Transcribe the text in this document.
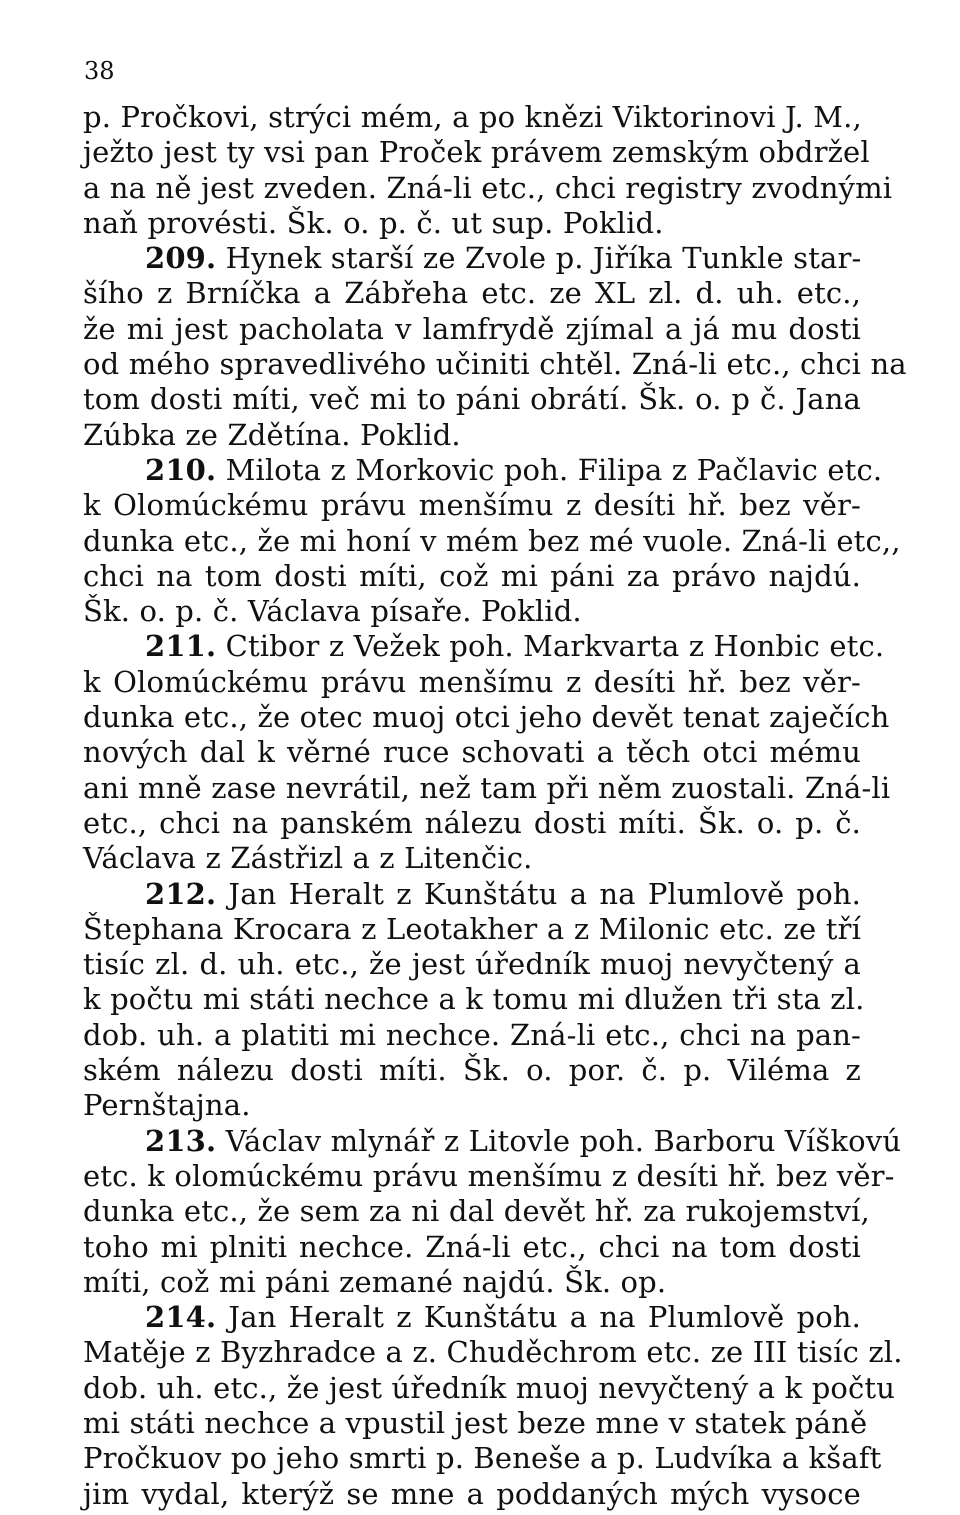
38
p. Pročkovi, strýci mém, a po knězi Viktorinovi J. M.,
ježto jest ty vsi pan Proček právem zemským obdržel
a na ně jest zveden. Zná-li etc., chci registry zvodnými
naň provésti. Šk. o. p. č. ut sup. Poklid.
209. Hynek starší ze Zvole p. Jiříka Tunkle star-
šího z Brníčka a Zábřeha etc. ze XL zl. d. uh. etc.,
že mi jest pacholata v lamfrydě zjímal a já mu dosti
od mého spravedlivého učiniti chtěl. Zná-li etc., chci na
tom dosti míti, več mi to páni obrátí. Šk. o. p č. Jana
Zúbka ze Zdětína. Poklid.
210. Milota z Morkovic poh. Filipa z Pačlavic etc.
k Olomúckému právu menšímu z desíti hř. bez věr-
dunka etc., že mi honí v mém bez mé vuole. Zná-li etc,,
chci na tom dosti míti, což mi páni za právo najdú.
Šk. o. p. č. Václava písaře. Poklid.
211. Ctibor z Vežek poh. Markvarta z Honbic etc.
k Olomúckému právu menšímu z desíti hř. bez věr-
dunka etc., že otec muoj otci jeho devět tenat zaječích
nových dal k věrné ruce schovati a těch otci mému
ani mně zase nevrátil, než tam při něm zuostali. Zná-li
etc., chci na panském nálezu dosti míti. Šk. o. p. č.
Václava z Zástřizl a z Litenčic.
212. Jan Heralt z Kunštátu a na Plumlově poh.
Štephana Krocara z Leotakher a z Milonic etc. ze tří
tisíc zl. d. uh. etc., že jest úředník muoj nevyčtený a
k počtu mi státi nechce a k tomu mi dlužen tři sta zl.
dob. uh. a platiti mi nechce. Zná-li etc., chci na pan-
ském nálezu dosti míti. Šk. o. por. č. p. Viléma z
Pernštajna.
213. Václav mlynář z Litovle poh. Barboru Víškovú
etc. k olomúckému právu menšímu z desíti hř. bez věr-
dunka etc., že sem za ni dal devět hř. za rukojemství,
toho mi plniti nechce. Zná-li etc., chci na tom dosti
míti, což mi páni zemané najdú. Šk. op.
214. Jan Heralt z Kunštátu a na Plumlově poh.
Matěje z Byzhradce a z. Chuděchrom etc. ze III tisíc zl.
dob. uh. etc., že jest úředník muoj nevyčtený a k počtu
mi státi nechce a vpustil jest beze mne v statek páně
Pročkuov po jeho smrti p. Beneše a p. Ludvíka a kšaft
jim vydal, kterýž se mne a poddaných mých vysoce
